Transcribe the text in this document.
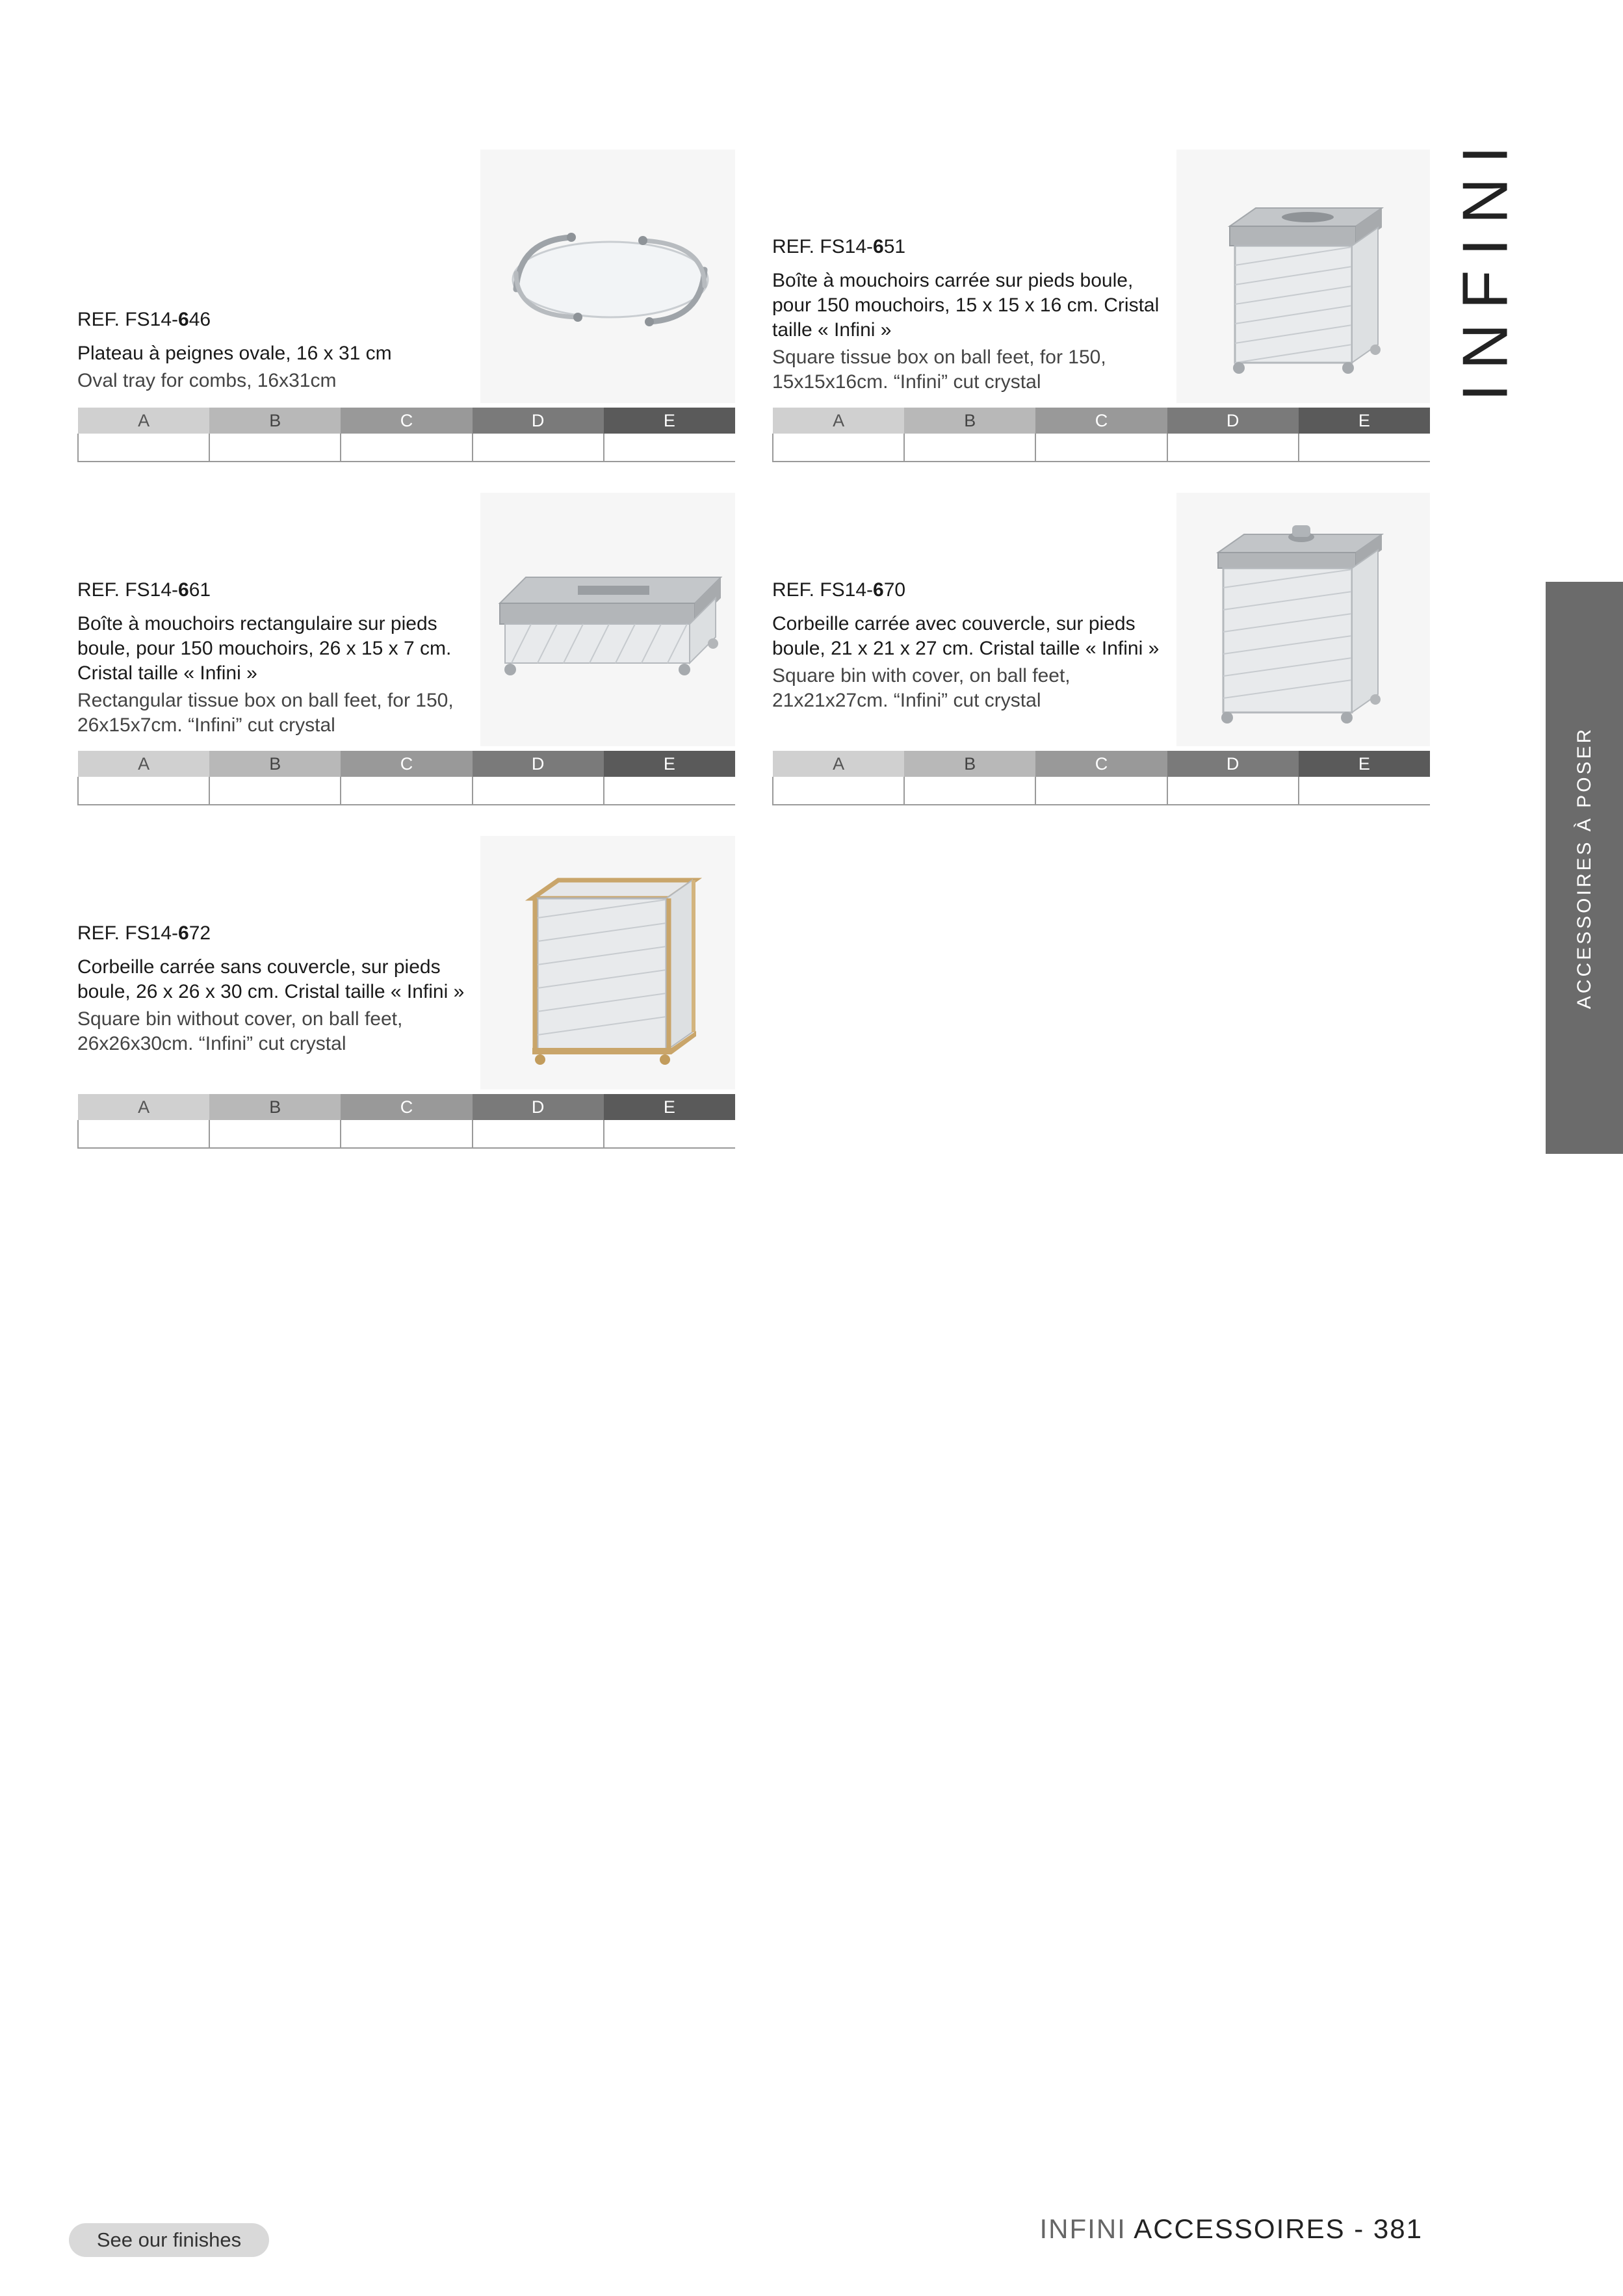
INFINI
ACCESSOIRES À POSER
REF. FS14-646
Plateau à peignes ovale, 16 x 31 cm
Oval tray for combs, 16x31cm
A	B	C	D	E

REF. FS14-651
Boîte à mouchoirs carrée sur pieds boule, pour 150 mouchoirs, 15 x 15 x 16 cm. Cristal taille « Infini »
Square tissue box on ball feet, for 150, 15x15x16cm. “Infini” cut crystal
A	B	C	D	E

REF. FS14-661
Boîte à mouchoirs rectangulaire sur pieds boule, pour 150 mouchoirs, 26 x 15 x 7 cm. Cristal taille « Infini »
Rectangular tissue box on ball feet, for 150, 26x15x7cm. “Infini” cut crystal
A	B	C	D	E

REF. FS14-670
Corbeille carrée avec couvercle, sur pieds boule, 21 x 21 x 27 cm. Cristal taille « Infini »
Square bin with cover, on ball feet, 21x21x27cm. “Infini” cut crystal
A	B	C	D	E

REF. FS14-672
Corbeille carrée sans couvercle, sur pieds boule, 26 x 26 x 30 cm. Cristal taille « Infini »
Square bin without cover, on ball feet, 26x26x30cm. “Infini” cut crystal
A	B	C	D	E

See our finishes	INFINI ACCESSOIRES - 381
